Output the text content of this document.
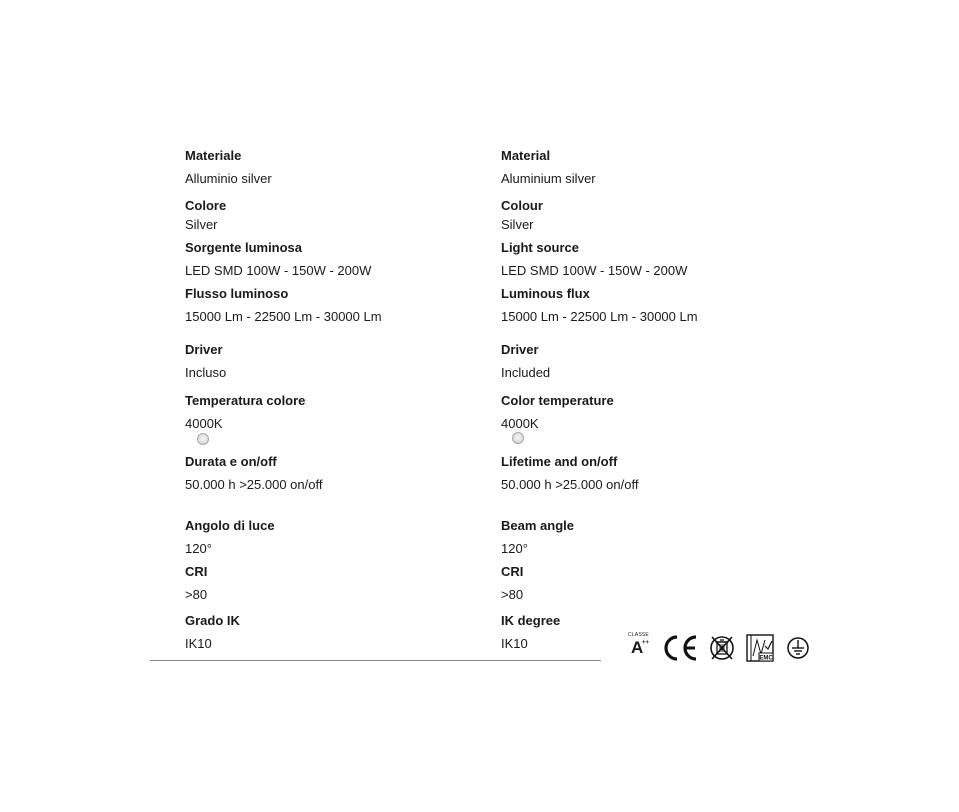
Materiale
Alluminio silver
Colore
Silver
Sorgente luminosa
LED SMD 100W - 150W - 200W
Flusso luminoso
15000 Lm - 22500 Lm - 30000 Lm
Driver
Incluso
Temperatura colore
4000K
Durata e on/off
50.000 h >25.000 on/off
Angolo di luce
120°
CRI
>80
Grado IK
IK10
Material
Aluminium silver
Colour
Silver
Light source
LED SMD 100W - 150W - 200W
Luminous flux
15000 Lm - 22500 Lm - 30000 Lm
Driver
Included
Color temperature
4000K
Lifetime and on/off
50.000 h >25.000 on/off
Beam angle
120°
CRI
>80
IK degree
IK10
CLASSE
A
++
EMC
